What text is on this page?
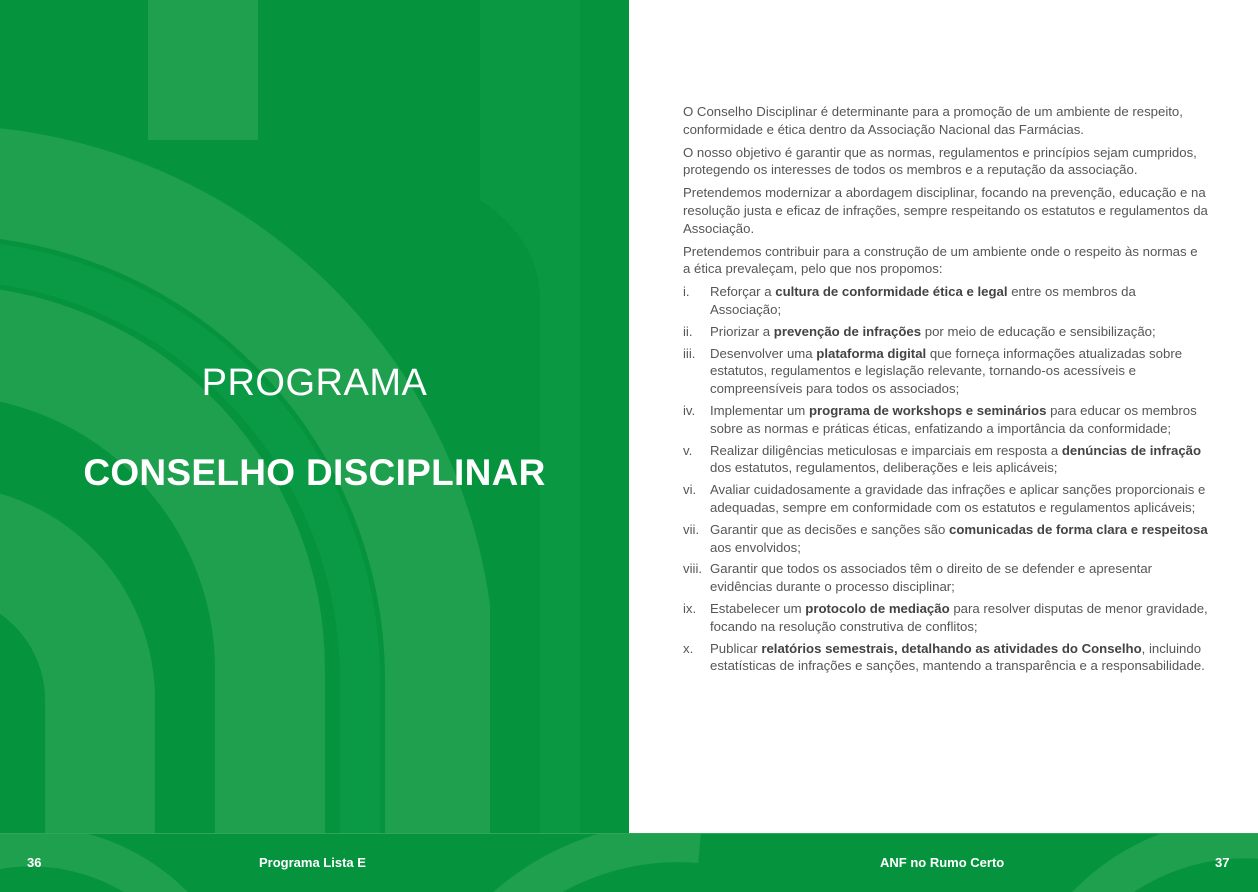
PROGRAMA
CONSELHO DISCIPLINAR

O Conselho Disciplinar é determinante para a promoção de um ambiente de respeito, conformidade e ética dentro da Associação Nacional das Farmácias.

O nosso objetivo é garantir que as normas, regulamentos e princípios sejam cumpridos, protegendo os interesses de todos os membros e a reputação da associação.

Pretendemos modernizar a abordagem disciplinar, focando na prevenção, educação e na resolução justa e eficaz de infrações, sempre respeitando os estatutos e regulamentos da Associação.

Pretendemos contribuir para a construção de um ambiente onde o respeito às normas e a ética prevaleçam, pelo que nos propomos:

i. Reforçar a cultura de conformidade ética e legal entre os membros da Associação;
ii. Priorizar a prevenção de infrações por meio de educação e sensibilização;
iii. Desenvolver uma plataforma digital que forneça informações atualizadas sobre estatutos, regulamentos e legislação relevante, tornando-os acessíveis e compreensíveis para todos os associados;
iv. Implementar um programa de workshops e seminários para educar os membros sobre as normas e práticas éticas, enfatizando a importância da conformidade;
v. Realizar diligências meticulosas e imparciais em resposta a denúncias de infração dos estatutos, regulamentos, deliberações e leis aplicáveis;
vi. Avaliar cuidadosamente a gravidade das infrações e aplicar sanções proporcionais e adequadas, sempre em conformidade com os estatutos e regulamentos aplicáveis;
vii. Garantir que as decisões e sanções são comunicadas de forma clara e respeitosa aos envolvidos;
viii. Garantir que todos os associados têm o direito de se defender e apresentar evidências durante o processo disciplinar;
ix. Estabelecer um protocolo de mediação para resolver disputas de menor gravidade, focando na resolução construtiva de conflitos;
x. Publicar relatórios semestrais, detalhando as atividades do Conselho, incluindo estatísticas de infrações e sanções, mantendo a transparência e a responsabilidade.
36	Programa Lista E	ANF no Rumo Certo	37
